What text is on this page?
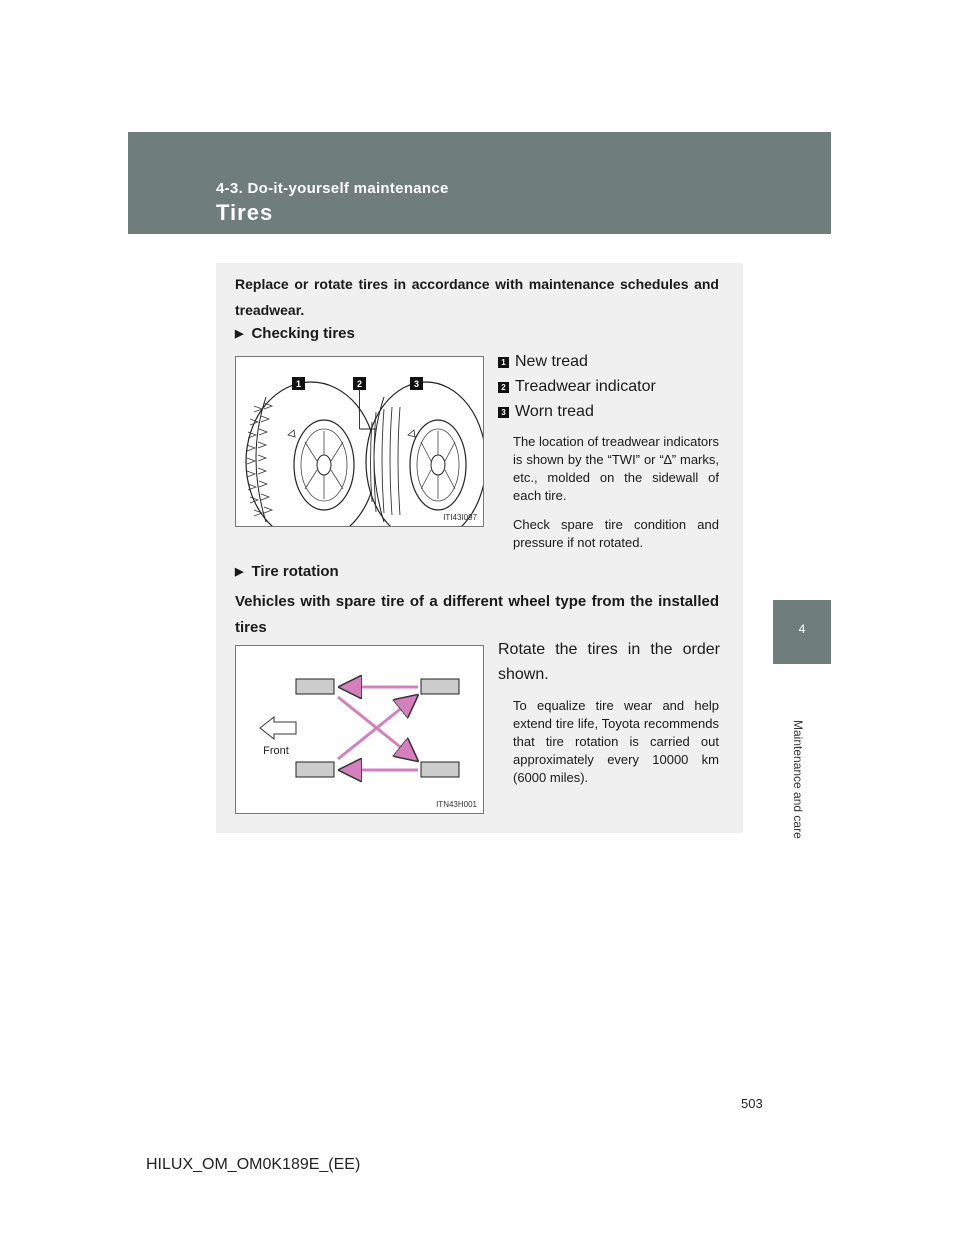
4-3. Do-it-yourself maintenance
Tires
4
Maintenance and care
Replace or rotate tires in accordance with maintenance schedules and treadwear.
▶ Checking tires
1	2	3
ITI43I097
1 New tread
2 Treadwear indicator
3 Worn tread
The location of treadwear indicators is shown by the “TWI” or “∆” marks, etc., molded on the sidewall of each tire.
Check spare tire condition and pressure if not rotated.
▶ Tire rotation
Vehicles with spare tire of a different wheel type from the installed tires
Front
ITN43H001
Rotate the tires in the order shown.
To equalize tire wear and help extend tire life, Toyota recommends that tire rotation is carried out approximately every 10000 km (6000 miles).
503
HILUX_OM_OM0K189E_(EE)
